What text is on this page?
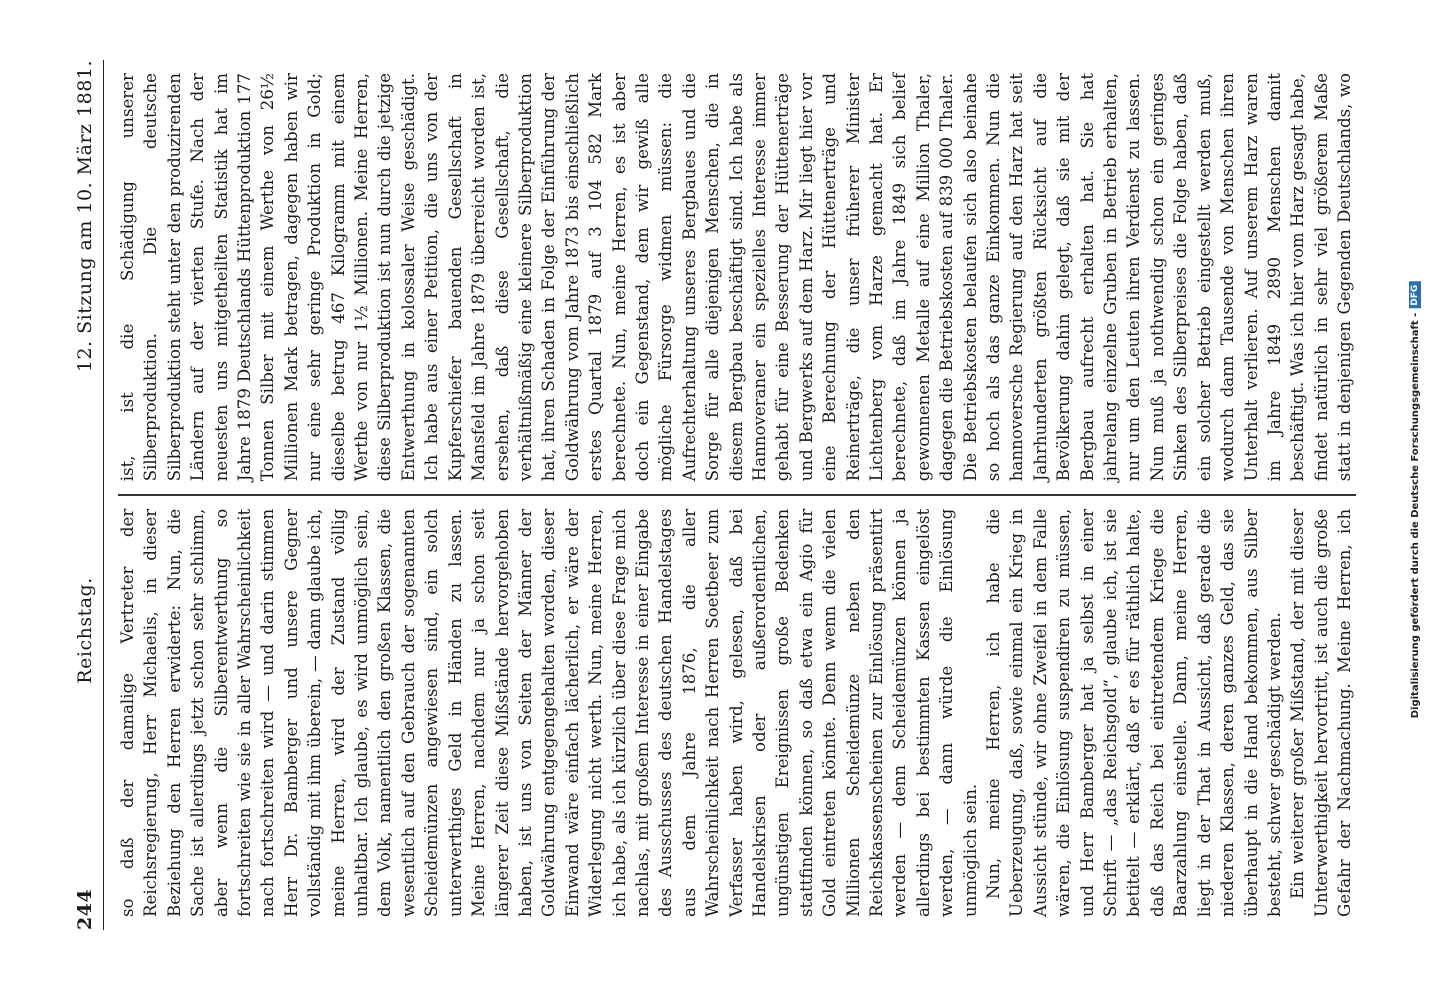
244
Reichstag.
12. Sitzung am 10. März 1881.

so daß der damalige Vertreter der Reichsregierung, Herr Michaelis, in dieser Beziehung den Herren erwiderte: Nun, die Sache ist allerdings jetzt schon sehr schlimm, aber wenn die Silberentwerthung so fortschreiten wie sie in aller Wahrscheinlichkeit nach fortschreiten wird — und darin stimmen Herr Dr. Bamberger und unsere Gegner vollständig mit ihm überein, — dann glaube ich, meine Herren, wird der Zustand völlig unhaltbar. Ich glaube, es wird unmöglich sein, dem Volk, namentlich den großen Klassen, die wesentlich auf den Gebrauch der sogenannten Scheidemünzen angewiesen sind, ein solch unterwerthiges Geld in Händen zu lassen. Meine Herren, nachdem nur ja schon seit längerer Zeit diese Mißstände hervorgehoben haben, ist uns von Seiten der Männer der Goldwährung entgegengehalten worden, dieser Einwand wäre einfach lächerlich, er wäre der Widerlegung nicht werth. Nun, meine Herren, ich habe, als ich kürzlich über diese Frage mich nachlas, mit großem Interesse in einer Eingabe des Ausschusses des deutschen Handelstages aus dem Jahre 1876, die aller Wahrscheinlichkeit nach Herren Soetbeer zum Verfasser haben wird, gelesen, daß bei Handelskrisen oder außerordentlichen, ungünstigen Ereignissen große Bedenken stattfinden können, so daß etwa ein Agio für Gold eintreten könnte. Denn wenn die vielen Millionen Scheidemünze neben den Reichskassenscheinen zur Einlösung präsentirt werden — denn Scheidemünzen können ja allerdings bei bestimmten Kassen eingelöst werden, — dann würde die Einlösung unmöglich sein. Nun, meine Herren, ich habe die Ueberzeugung, daß, sowie einmal ein Krieg in Aussicht stünde, wir ohne Zweifel in dem Falle wären, die Einlösung suspendiren zu müssen, und Herr Bamberger hat ja selbst in einer Schrift — „das Reichsgold“, glaube ich, ist sie betitelt — erklärt, daß er es für räthlich halte, daß das Reich bei eintretendem Kriege die Baarzahlung einstelle. Dann, meine Herren, liegt in der That in Aussicht, daß gerade die niederen Klassen, deren ganzes Geld, das sie überhaupt in die Hand bekommen, aus Silber besteht, schwer geschädigt werden. Ein weiterer großer Mißstand, der mit dieser Unterwerthigkeit hervortritt, ist auch die große Gefahr der Nachmachung. Meine Herren, ich

ist, ist die Schädigung unserer Silberproduktion. Die deutsche Silberproduktion steht unter den produzirenden Ländern auf der vierten Stufe. Nach der neuesten uns mitgetheilten Statistik hat im Jahre 1879 Deutschlands Hüttenproduktion 177 Tonnen Silber mit einem Werthe von 26½ Millionen Mark betragen, dagegen haben wir nur eine sehr geringe Produktion in Gold; dieselbe betrug 467 Kilogramm mit einem Werthe von nur 1½ Millionen. Meine Herren, diese Silberproduktion ist nun durch die jetzige Entwerthung in kolossaler Weise geschädigt. Ich habe aus einer Petition, die uns von der Kupferschiefer bauenden Gesellschaft in Mansfeld im Jahre 1879 überreicht worden ist, ersehen, daß diese Gesellschaft, die verhältnißmäßig eine kleinere Silberproduktion hat, ihren Schaden in Folge der Einführung der Goldwährung vom Jahre 1873 bis einschließlich erstes Quartal 1879 auf 3 104 582 Mark berechnete. Nun, meine Herren, es ist aber doch ein Gegenstand, dem wir gewiß alle mögliche Fürsorge widmen müssen: die Aufrechterhaltung unseres Bergbaues und die Sorge für alle diejenigen Menschen, die in diesem Bergbau beschäftigt sind. Ich habe als Hannoveraner ein spezielles Interesse immer gehabt für eine Besserung der Hüttenerträge und Bergwerks auf dem Harz. Mir liegt hier vor eine Berechnung der Hüttenerträge und Reinerträge, die unser früherer Minister Lichtenberg vom Harze gemacht hat. Er berechnete, daß im Jahre 1849 sich belief gewonnenen Metalle auf eine Million Thaler, dagegen die Betriebskosten auf 839 000 Thaler. Die Betriebskosten belaufen sich also beinahe so hoch als das ganze Einkommen. Nun die hannoversche Regierung auf den Harz hat seit Jahrhunderten größten Rücksicht auf die Bevölkerung dahin gelegt, daß sie mit der Bergbau aufrecht erhalten hat. Sie hat jahrelang einzelne Gruben in Betrieb erhalten, nur um den Leuten ihren Verdienst zu lassen. Nun muß ja nothwendig schon ein geringes Sinken des Silberpreises die Folge haben, daß ein solcher Betrieb eingestellt werden muß, wodurch dann Tausende von Menschen ihren Unterhalt verlieren. Auf unserem Harz waren im Jahre 1849 2890 Menschen damit beschäftigt. Was ich hier vom Harz gesagt habe, findet natürlich in sehr viel größerem Maße statt in denjenigen Gegenden Deutschlands, wo

Digitalisierung gefördert durch die Deutsche Forschungsgemeinschaft -
DFG
